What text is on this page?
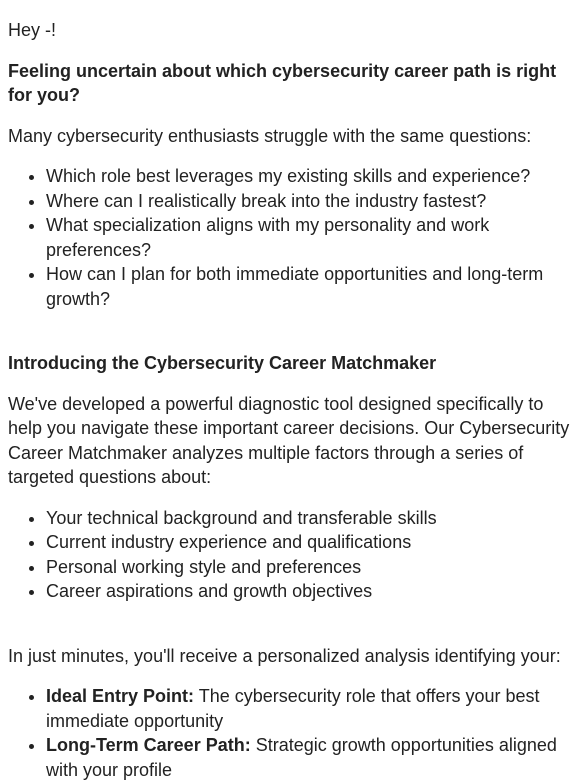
Hey -!

Feeling uncertain about which cybersecurity career path is right for you?

Many cybersecurity enthusiasts struggle with the same questions:

• Which role best leverages my existing skills and experience?
• Where can I realistically break into the industry fastest?
• What specialization aligns with my personality and work preferences?
• How can I plan for both immediate opportunities and long-term growth?

Introducing the Cybersecurity Career Matchmaker

We've developed a powerful diagnostic tool designed specifically to help you navigate these important career decisions. Our Cybersecurity Career Matchmaker analyzes multiple factors through a series of targeted questions about:

• Your technical background and transferable skills
• Current industry experience and qualifications
• Personal working style and preferences
• Career aspirations and growth objectives

In just minutes, you'll receive a personalized analysis identifying your:

• Ideal Entry Point: The cybersecurity role that offers your best immediate opportunity
• Long-Term Career Path: Strategic growth opportunities aligned with your profile
